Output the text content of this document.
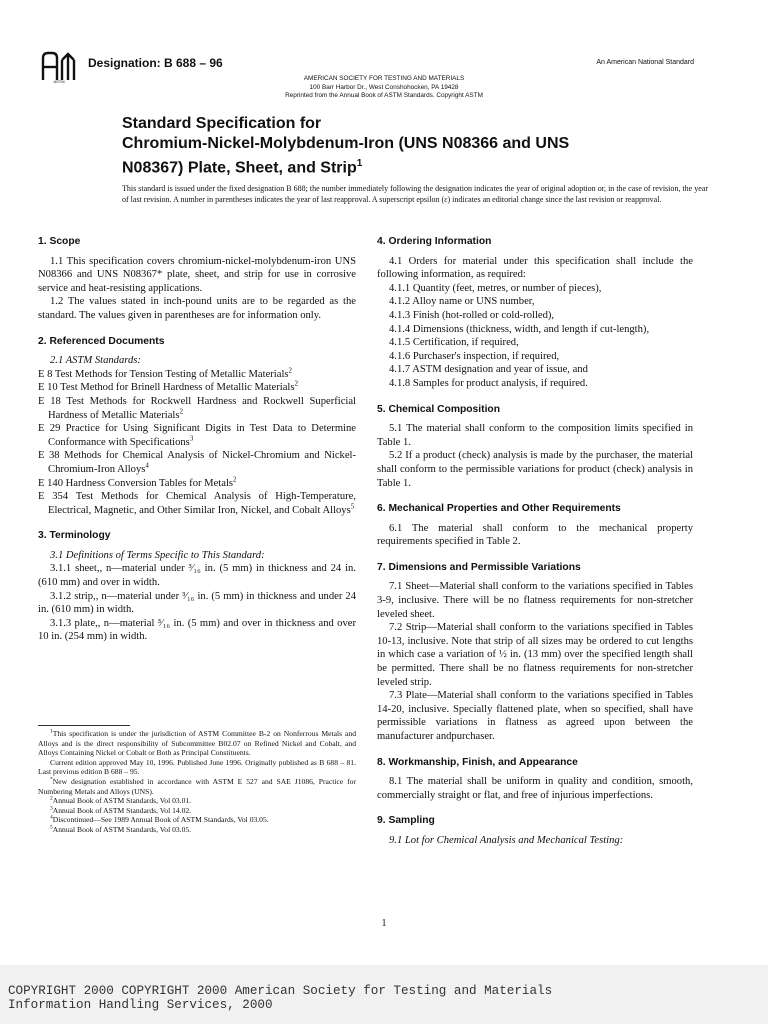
ASTM
Designation: B 688 – 96	An American National Standard
AMERICAN SOCIETY FOR TESTING AND MATERIALS
100 Barr Harbor Dr., West Conshohocken, PA 19428
Reprinted from the Annual Book of ASTM Standards. Copyright ASTM
Standard Specification for
Chromium-Nickel-Molybdenum-Iron (UNS N08366 and UNS
N08367) Plate, Sheet, and Strip$^1$
This standard is issued under the fixed designation B 688; the number immediately following the designation indicates the year of original adoption or, in the case of revision, the year of last revision. A number in parentheses indicates the year of last reapproval. A superscript epsilon (ε) indicates an editorial change since the last revision or reapproval.
1. Scope

1.1 This specification covers chromium-nickel-molybdenum-iron UNS N08366 and UNS N08367* plate, sheet, and strip for use in corrosive service and heat-resisting applications.

1.2 The values stated in inch-pound units are to be regarded as the standard. The values given in parentheses are for information only.

2. Referenced Documents

2.1 ASTM Standards:

E 8 Test Methods for Tension Testing of Metallic Materials$^2$

E 10 Test Method for Brinell Hardness of Metallic Materials$^2$

E 18 Test Methods for Rockwell Hardness and Rockwell Superficial Hardness of Metallic Materials$^2$

E 29 Practice for Using Significant Digits in Test Data to Determine Conformance with Specifications$^3$

E 38 Methods for Chemical Analysis of Nickel-Chromium and Nickel-Chromium-Iron Alloys$^4$

E 140 Hardness Conversion Tables for Metals$^2$

E 354 Test Methods for Chemical Analysis of High-Temperature, Electrical, Magnetic, and Other Similar Iron, Nickel, and Cobalt Alloys$^5$

3. Terminology

3.1 Definitions of Terms Specific to This Standard:

3.1.1 sheet,, n—material under ³⁄₁₆ in. (5 mm) in thickness and 24 in. (610 mm) and over in width.

3.1.2 strip,, n—material under ³⁄₁₆ in. (5 mm) in thickness and under 24 in. (610 mm) in width.

3.1.3 plate,, n—material ³⁄₁₆ in. (5 mm) and over in thickness and over 10 in. (254 mm) in width.

$^1$This specification is under the jurisdiction of ASTM Committee B-2 on Nonferrous Metals and Alloys and is the direct responsibility of Subcommittee B02.07 on Refined Nickel and Cobalt, and Alloys Containing Nickel or Cobalt or Both as Principal Constituents.

Current edition approved May 10, 1996. Published June 1996. Originally published as B 688 – 81. Last previous edition B 688 – 95.

*New designation established in accordance with ASTM E 527 and SAE J1086, Practice for Numbering Metals and Alloys (UNS).

$^2$Annual Book of ASTM Standards, Vol 03.01.

$^3$Annual Book of ASTM Standards, Vol 14.02.

$^4$Discontinued—See 1989 Annual Book of ASTM Standards, Vol 03.05.

$^5$Annual Book of ASTM Standards, Vol 03.05.

4. Ordering Information

4.1 Orders for material under this specification shall include the following information, as required:

4.1.1 Quantity (feet, metres, or number of pieces),

4.1.2 Alloy name or UNS number,

4.1.3 Finish (hot-rolled or cold-rolled),

4.1.4 Dimensions (thickness, width, and length if cut-length),

4.1.5 Certification, if required,

4.1.6 Purchaser's inspection, if required,

4.1.7 ASTM designation and year of issue, and

4.1.8 Samples for product analysis, if required.

5. Chemical Composition

5.1 The material shall conform to the composition limits specified in Table 1.

5.2 If a product (check) analysis is made by the purchaser, the material shall conform to the permissible variations for product (check) analysis in Table 1.

6. Mechanical Properties and Other Requirements

6.1 The material shall conform to the mechanical property requirements specified in Table 2.

7. Dimensions and Permissible Variations

7.1 Sheet—Material shall conform to the variations specified in Tables 3-9, inclusive. There will be no flatness requirements for non-stretcher leveled sheet.

7.2 Strip—Material shall conform to the variations specified in Tables 10-13, inclusive. Note that strip of all sizes may be ordered to cut lengths in which case a variation of ½ in. (13 mm) over the specified length shall be permitted. There shall be no flatness requirements for non-stretcher leveled strip.

7.3 Plate—Material shall conform to the variations specified in Tables 14-20, inclusive. Specially flattened plate, when so specified, shall have permissible variations in flatness as agreed upon between the manufacturer andpurchaser.

8. Workmanship, Finish, and Appearance

8.1 The material shall be uniform in quality and condition, smooth, commercially straight or flat, and free of injurious imperfections.

9. Sampling

9.1 Lot for Chemical Analysis and Mechanical Testing:

1
COPYRIGHT 2000 COPYRIGHT 2000 American Society for Testing and Materials
Information Handling Services, 2000
